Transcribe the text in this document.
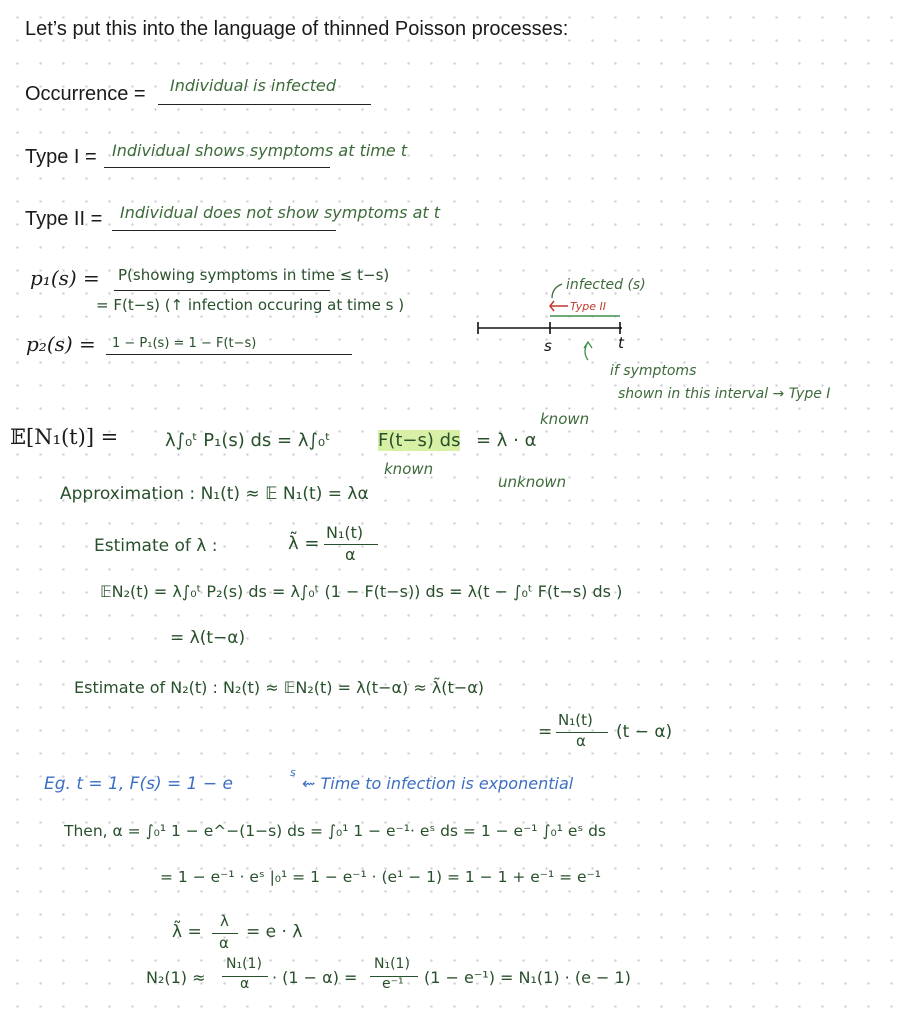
Let’s put this into the language of thinned Poisson processes:
Occurrence = Individual is infected
Type I = Individual shows symptoms at time t
Type II = Individual does not show symptoms at t
p₁(s) = P(showing symptoms in time ≤ t−s)
= F(t−s) (↑ infection occuring at time s )
p₂(s) = 1 − P₁(s) = 1 − F(t−s)
infected (s)
Type II
s	t
if symptoms
shown in this interval → Type I
𝔼[N₁(t)] =	λ∫₀ᵗ P₁(s) ds = λ∫₀ᵗ	F(t−s) ds = λ · α
known
known
unknown
Approximation : N₁(t) ≈ 𝔼 N₁(t) = λα
Estimate of λ :	λ̃ =
N₁(t)
α
𝔼N₂(t) = λ∫₀ᵗ P₂(s) ds = λ∫₀ᵗ (1 − F(t−s)) ds = λ(t − ∫₀ᵗ F(t−s) ds )
= λ(t−α)
Estimate of N₂(t) : N₂(t) ≈ 𝔼N₂(t) = λ(t−α) ≈ λ̃(t−α)
=
N₁(t)
α (t − α)
Eg. t = 1, F(s) = 1 − e
s
⇜ Time to infection is exponential
Then, α = ∫₀¹ 1 − e^−(1−s) ds = ∫₀¹ 1 − e⁻¹· eˢ ds = 1 − e⁻¹ ∫₀¹ eˢ ds
= 1 − e⁻¹ · eˢ |₀¹ = 1 − e⁻¹ · (e¹ − 1) = 1 − 1 + e⁻¹ = e⁻¹
λ̃ =
λ
α
= e · λ
N₂(1) ≈
N₁(1)
α · (1 − α) =
N₁(1)
e⁻¹ (1 − e⁻¹) = N₁(1) · (e − 1)
